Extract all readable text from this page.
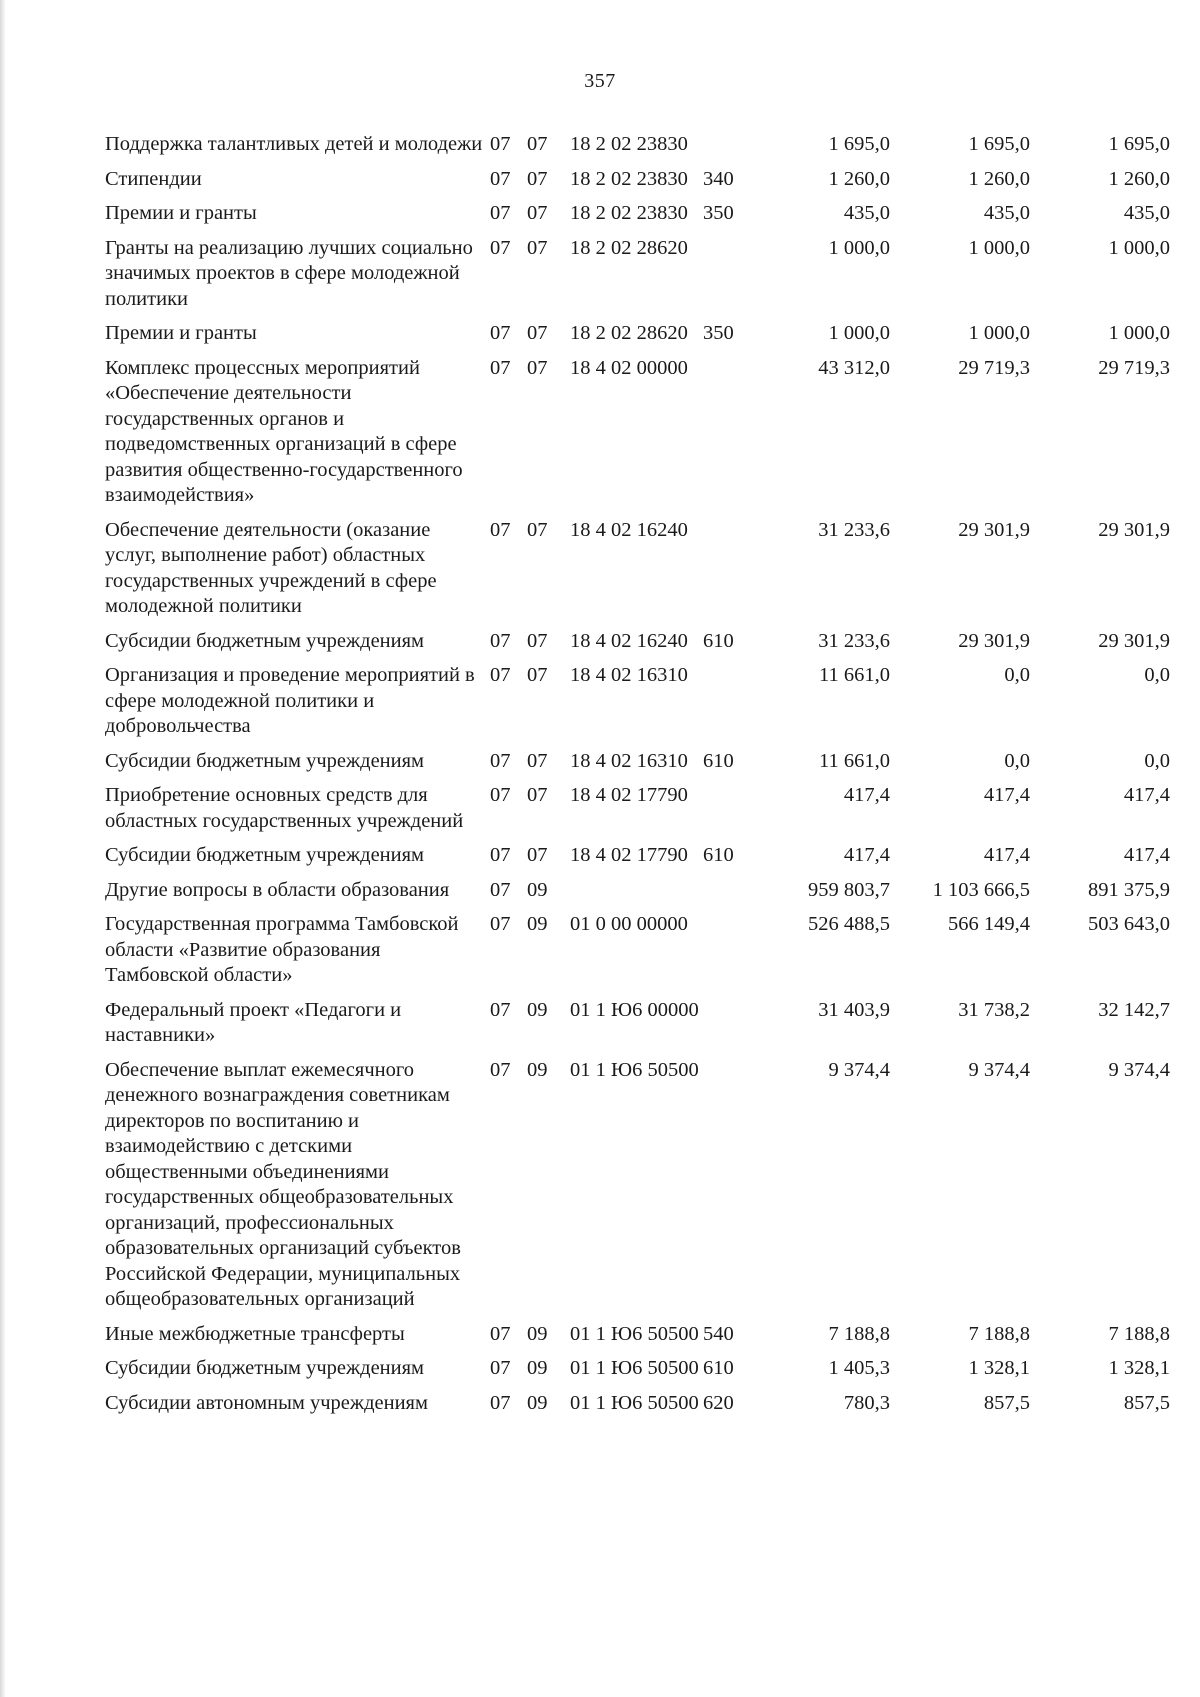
357
Поддержка талантливых детей и молодежи	07	07	18 2 02 23830		1 695,0	1 695,0	1 695,0
Стипендии	07	07	18 2 02 23830	340	1 260,0	1 260,0	1 260,0
Премии и гранты	07	07	18 2 02 23830	350	435,0	435,0	435,0
Гранты на реализацию лучших социально значимых проектов в сфере молодежной политики	07	07	18 2 02 28620		1 000,0	1 000,0	1 000,0
Премии и гранты	07	07	18 2 02 28620	350	1 000,0	1 000,0	1 000,0
Комплекс процессных мероприятий «Обеспечение деятельности государственных органов и подведомственных организаций в сфере развития общественно-государственного взаимодействия»	07	07	18 4 02 00000		43 312,0	29 719,3	29 719,3
Обеспечение деятельности (оказание услуг, выполнение работ) областных государственных учреждений в сфере молодежной политики	07	07	18 4 02 16240		31 233,6	29 301,9	29 301,9
Субсидии бюджетным учреждениям	07	07	18 4 02 16240	610	31 233,6	29 301,9	29 301,9
Организация и проведение мероприятий в сфере молодежной политики и добровольчества	07	07	18 4 02 16310		11 661,0	0,0	0,0
Субсидии бюджетным учреждениям	07	07	18 4 02 16310	610	11 661,0	0,0	0,0
Приобретение основных средств для областных государственных учреждений	07	07	18 4 02 17790		417,4	417,4	417,4
Субсидии бюджетным учреждениям	07	07	18 4 02 17790	610	417,4	417,4	417,4
Другие вопросы в области образования	07	09			959 803,7	1 103 666,5	891 375,9
Государственная программа Тамбовской области «Развитие образования Тамбовской области»	07	09	01 0 00 00000		526 488,5	566 149,4	503 643,0
Федеральный проект «Педагоги и наставники»	07	09	01 1 Ю6 00000		31 403,9	31 738,2	32 142,7
Обеспечение выплат ежемесячного денежного вознаграждения советникам директоров по воспитанию и взаимодействию с детскими общественными объединениями государственных общеобразовательных организаций, профессиональных образовательных организаций субъектов Российской Федерации, муниципальных общеобразовательных организаций	07	09	01 1 Ю6 50500		9 374,4	9 374,4	9 374,4
Иные межбюджетные трансферты	07	09	01 1 Ю6 50500	540	7 188,8	7 188,8	7 188,8
Субсидии бюджетным учреждениям	07	09	01 1 Ю6 50500	610	1 405,3	1 328,1	1 328,1
Субсидии автономным учреждениям	07	09	01 1 Ю6 50500	620	780,3	857,5	857,5
